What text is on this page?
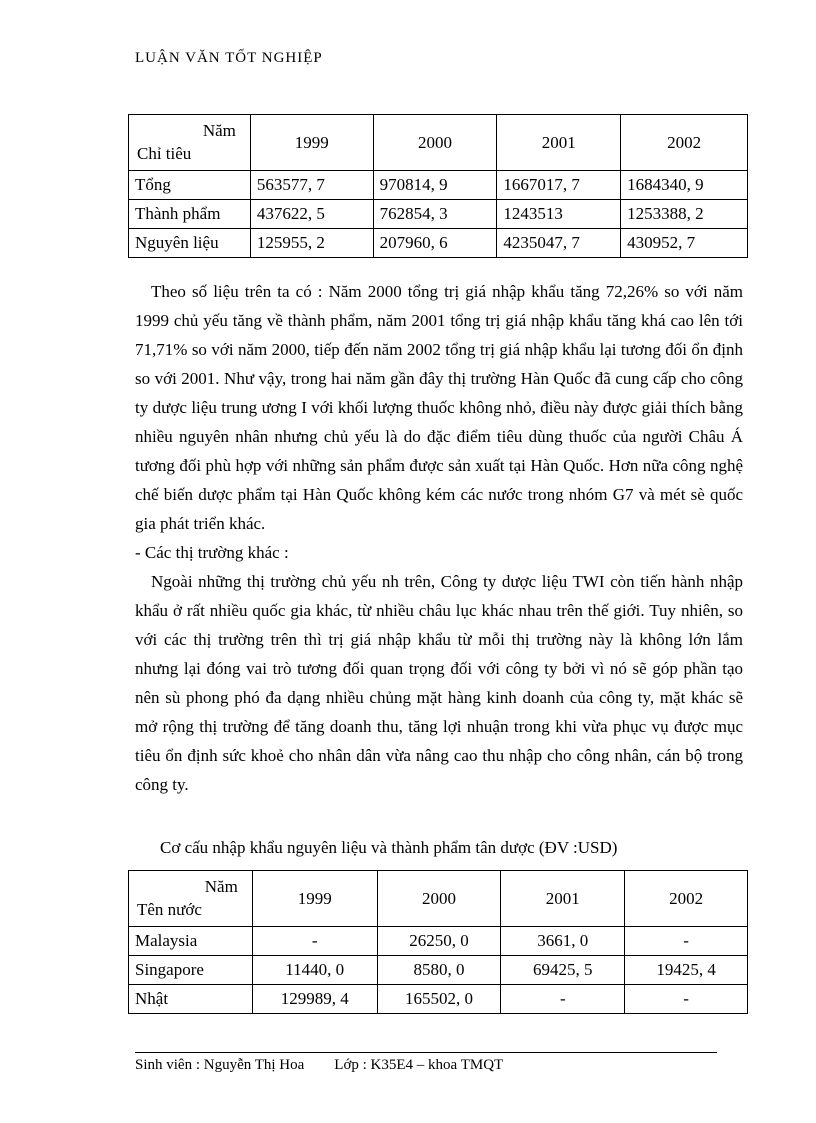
LUẬN VĂN TỐT NGHIỆP
Năm
Chỉ tiêu	1999	2000	2001	2002
Tổng	563577, 7	970814, 9	1667017, 7	1684340, 9
Thành phẩm	437622, 5	762854, 3	1243513	1253388, 2
Nguyên liệu	125955, 2	207960, 6	4235047, 7	430952, 7

Theo số liệu trên ta có : Năm 2000 tổng trị giá nhập khẩu tăng 72,26% so với năm 1999 chủ yếu tăng về thành phẩm, năm 2001 tổng trị giá nhập khẩu tăng khá cao lên tới 71,71% so với năm 2000, tiếp đến năm 2002 tổng trị giá nhập khẩu lại tương đối ổn định so với 2001. Như vậy, trong hai năm gần đây thị trường Hàn Quốc đã cung cấp cho công ty dược liệu trung ương I với khối lượng thuốc không nhỏ, điều này được giải thích bằng nhiều nguyên nhân nhưng chủ yếu là do đặc điểm tiêu dùng thuốc của người Châu Á tương đối phù hợp với những sản phẩm được sản xuất tại Hàn Quốc. Hơn nữa công nghệ chế biến dược phẩm tại Hàn Quốc không kém các nước trong nhóm G7 và mét sè quốc gia phát triển khác.

- Các thị trường khác :

Ngoài những thị trường chủ yếu nh trên, Công ty dược liệu TWI còn tiến hành nhập khẩu ở rất nhiều quốc gia khác, từ nhiều châu lục khác nhau trên thế giới. Tuy nhiên, so với các thị trường trên thì trị giá nhập khẩu từ mỗi thị trường này là không lớn lắm nhưng lại đóng vai trò tương đối quan trọng đối với công ty bởi vì nó sẽ góp phần tạo nên sù phong phó đa dạng nhiều chủng mặt hàng kinh doanh của công ty, mặt khác sẽ mở rộng thị trường để tăng doanh thu, tăng lợi nhuận trong khi vừa phục vụ được mục tiêu ổn định sức khoẻ cho nhân dân vừa nâng cao thu nhập cho công nhân, cán bộ trong công ty.

Cơ cấu nhập khẩu nguyên liệu và thành phẩm tân dược (ĐV :USD)
Năm
Tên nước	1999	2000	2001	2002
Malaysia	-	26250, 0	3661, 0	-
Singapore	11440, 0	8580, 0	69425, 5	19425, 4
Nhật	129989, 4	165502, 0	-	-
Sinh viên : Nguyễn Thị Hoa Lớp : K35E4 – khoa TMQT
